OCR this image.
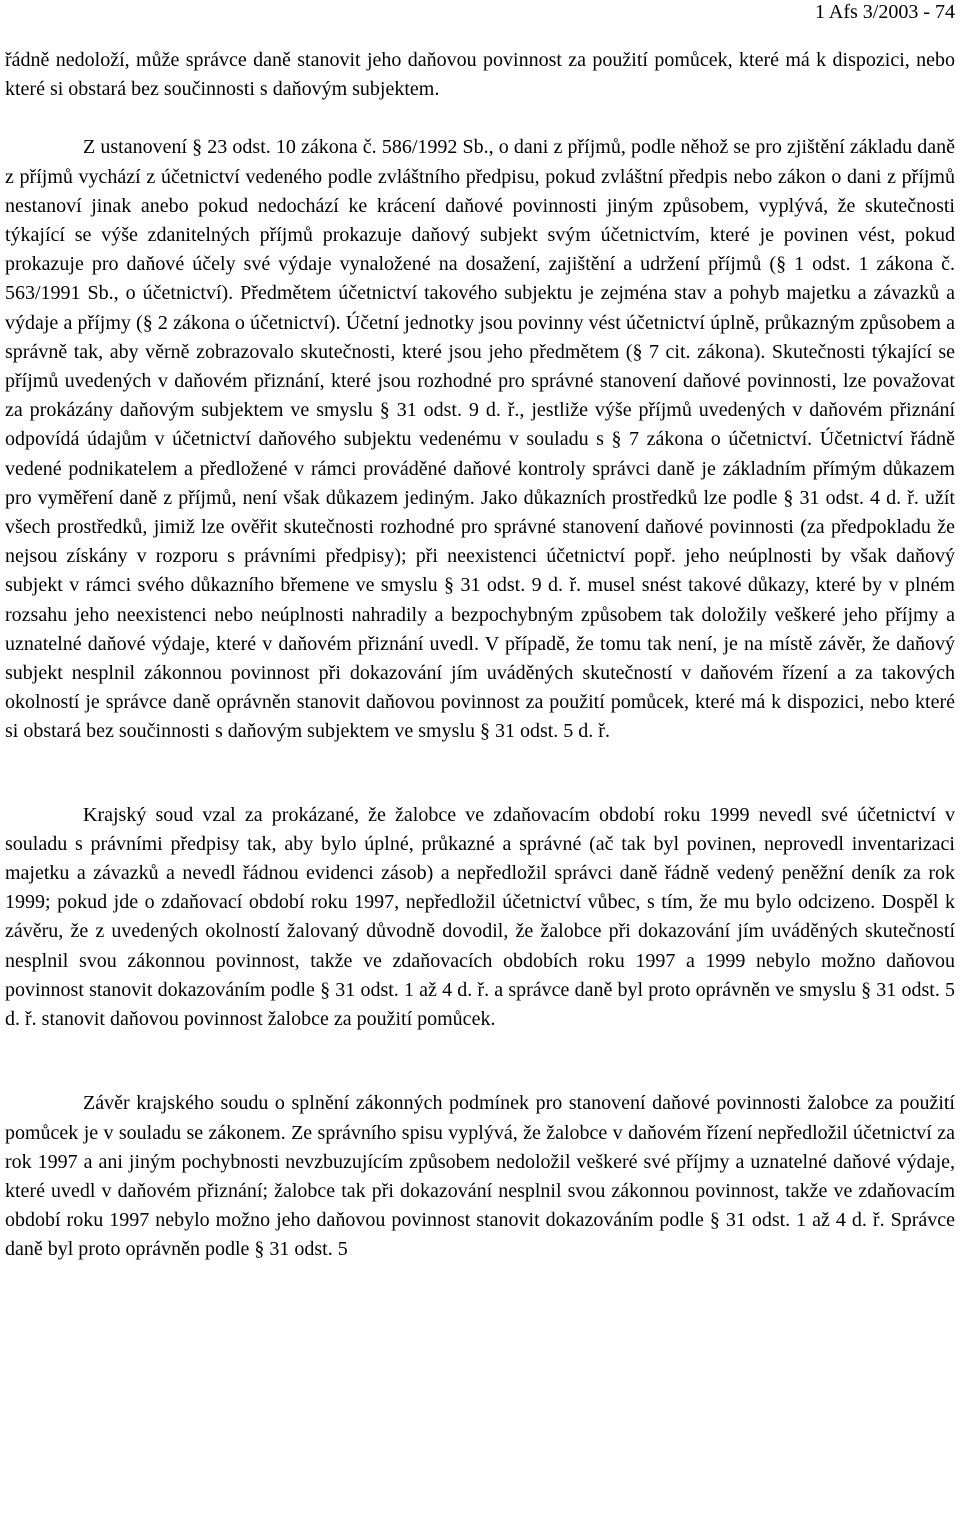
1 Afs 3/2003 - 74

řádně nedoloží, může správce daně stanovit jeho daňovou povinnost za použití pomůcek, které má k dispozici, nebo které si obstará bez součinnosti s daňovým subjektem.

Z ustanovení § 23 odst. 10 zákona č. 586/1992 Sb., o dani z příjmů, podle něhož se pro zjištění základu daně z příjmů vychází z účetnictví vedeného podle zvláštního předpisu, pokud zvláštní předpis nebo zákon o dani z příjmů nestanoví jinak anebo pokud nedochází ke krácení daňové povinnosti jiným způsobem, vyplývá, že skutečnosti týkající se výše zdanitelných příjmů prokazuje daňový subjekt svým účetnictvím, které je povinen vést, pokud prokazuje pro daňové účely své výdaje vynaložené na dosažení, zajištění a udržení příjmů (§ 1 odst. 1 zákona č. 563/1991 Sb., o účetnictví). Předmětem účetnictví takového subjektu je zejména stav a pohyb majetku a závazků a výdaje a příjmy (§ 2 zákona o účetnictví). Účetní jednotky jsou povinny vést účetnictví úplně, průkazným způsobem a správně tak, aby věrně zobrazovalo skutečnosti, které jsou jeho předmětem (§ 7 cit. zákona). Skutečnosti týkající se příjmů uvedených v daňovém přiznání, které jsou rozhodné pro správné stanovení daňové povinnosti, lze považovat za prokázány daňovým subjektem ve smyslu § 31 odst. 9 d. ř., jestliže výše příjmů uvedených v daňovém přiznání odpovídá údajům v účetnictví daňového subjektu vedenému v souladu s § 7 zákona o účetnictví. Účetnictví řádně vedené podnikatelem a předložené v rámci prováděné daňové kontroly správci daně je základním přímým důkazem pro vyměření daně z příjmů, není však důkazem jediným. Jako důkazních prostředků lze podle § 31 odst. 4 d. ř. užít všech prostředků, jimiž lze ověřit skutečnosti rozhodné pro správné stanovení daňové povinnosti (za předpokladu že nejsou získány v rozporu s právními předpisy); při neexistenci účetnictví popř. jeho neúplnosti by však daňový subjekt v rámci svého důkazního břemene ve smyslu § 31 odst. 9 d. ř. musel snést takové důkazy, které by v plném rozsahu jeho neexistenci nebo neúplnosti nahradily a bezpochybným způsobem tak doložily veškeré jeho příjmy a uznatelné daňové výdaje, které v daňovém přiznání uvedl. V případě, že tomu tak není, je na místě závěr, že daňový subjekt nesplnil zákonnou povinnost při dokazování jím uváděných skutečností v daňovém řízení a za takových okolností je správce daně oprávněn stanovit daňovou povinnost za použití pomůcek, které má k dispozici, nebo které si obstará bez součinnosti s daňovým subjektem ve smyslu § 31 odst. 5 d. ř.

Krajský soud vzal za prokázané, že žalobce ve zdaňovacím období roku 1999 nevedl své účetnictví v souladu s právními předpisy tak, aby bylo úplné, průkazné a správné (ač tak byl povinen, neprovedl inventarizaci majetku a závazků a nevedl řádnou evidenci zásob) a nepředložil správci daně řádně vedený peněžní deník za rok 1999; pokud jde o zdaňovací období roku 1997, nepředložil účetnictví vůbec, s tím, že mu bylo odcizeno. Dospěl k závěru, že z uvedených okolností žalovaný důvodně dovodil, že žalobce při dokazování jím uváděných skutečností nesplnil svou zákonnou povinnost, takže ve zdaňovacích obdobích roku 1997 a 1999 nebylo možno daňovou povinnost stanovit dokazováním podle § 31 odst. 1 až 4 d. ř. a správce daně byl proto oprávněn ve smyslu § 31 odst. 5 d. ř. stanovit daňovou povinnost žalobce za použití pomůcek.

Závěr krajského soudu o splnění zákonných podmínek pro stanovení daňové povinnosti žalobce za použití pomůcek je v souladu se zákonem. Ze správního spisu vyplývá, že žalobce v daňovém řízení nepředložil účetnictví za rok 1997 a ani jiným pochybnosti nevzbuzujícím způsobem nedoložil veškeré své příjmy a uznatelné daňové výdaje, které uvedl v daňovém přiznání; žalobce tak při dokazování nesplnil svou zákonnou povinnost, takže ve zdaňovacím období roku 1997 nebylo možno jeho daňovou povinnost stanovit dokazováním podle § 31 odst. 1 až 4 d. ř. Správce daně byl proto oprávněn podle § 31 odst. 5
